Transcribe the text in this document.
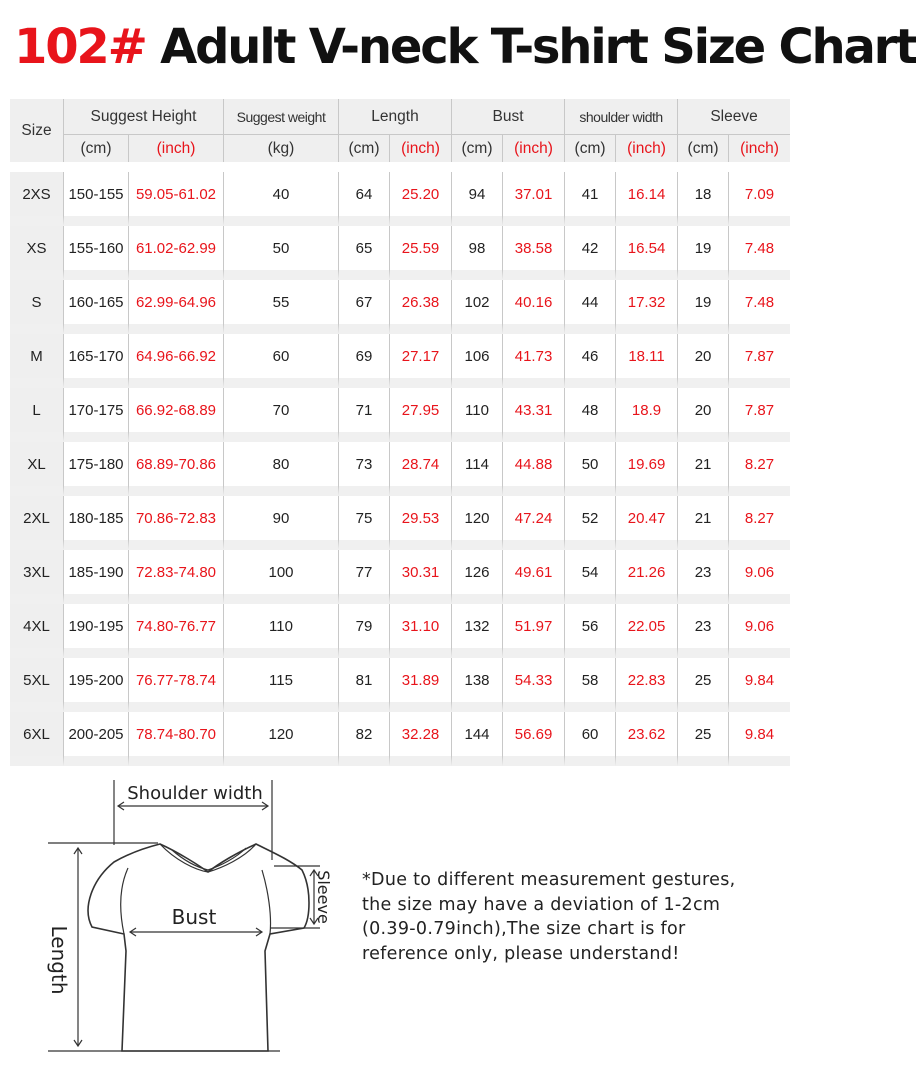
102# Adult V-neck T-shirt Size Chart
Size	Suggest Height		Suggest weight	Length		Bust		shoulder width		Sleeve	
	(cm)	(inch)	(kg)	(cm)	(inch)	(cm)	(inch)	(cm)	(inch)	(cm)	(inch)

2XS	150-155	59.05-61.02	40	64	25.20	94	37.01	41	16.14	18	7.09
XS	155-160	61.02-62.99	50	65	25.59	98	38.58	42	16.54	19	7.48
S	160-165	62.99-64.96	55	67	26.38	102	40.16	44	17.32	19	7.48
M	165-170	64.96-66.92	60	69	27.17	106	41.73	46	18.11	20	7.87
L	170-175	66.92-68.89	70	71	27.95	110	43.31	48	18.9	20	7.87
XL	175-180	68.89-70.86	80	73	28.74	114	44.88	50	19.69	21	8.27
2XL	180-185	70.86-72.83	90	75	29.53	120	47.24	52	20.47	21	8.27
3XL	185-190	72.83-74.80	100	77	30.31	126	49.61	54	21.26	23	9.06
4XL	190-195	74.80-76.77	110	79	31.10	132	51.97	56	22.05	23	9.06
5XL	195-200	76.77-78.74	115	81	31.89	138	54.33	58	22.83	25	9.84
6XL	200-205	78.74-80.70	120	82	32.28	144	56.69	60	23.62	25	9.84
Shoulder width
Bust
Length
Sleeve *Due to different measurement gestures,
the size may have a deviation of 1-2cm
(0.39-0.79inch),The size chart is for
reference only, please understand!
